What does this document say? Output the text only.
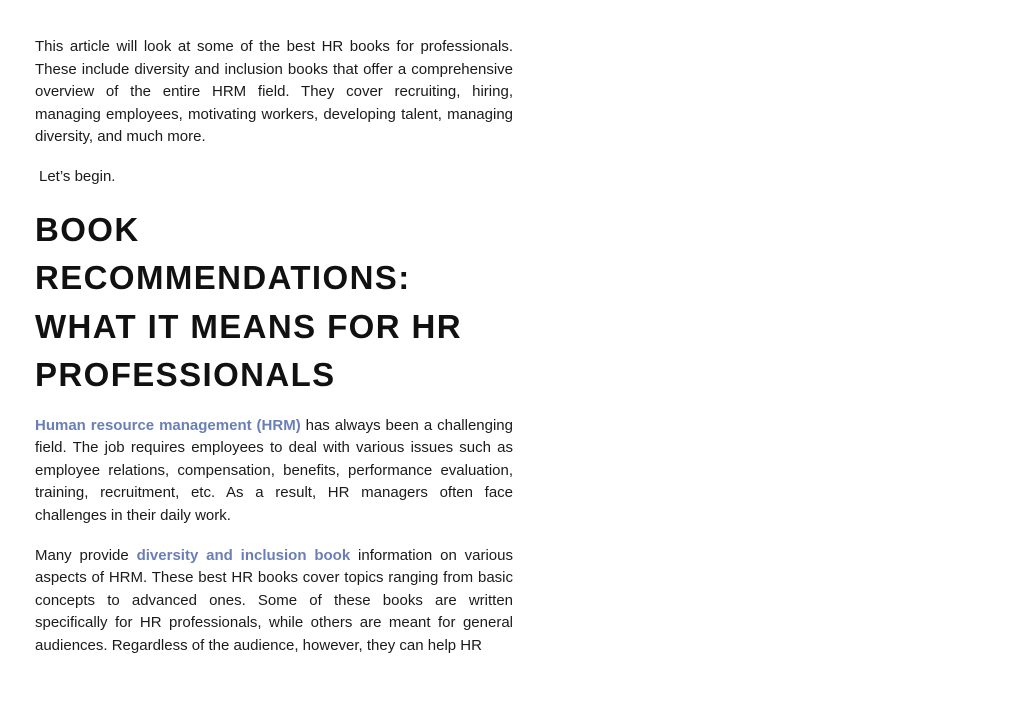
This article will look at some of the best HR books for professionals. These include diversity and inclusion books that offer a comprehensive overview of the entire HRM field. They cover recruiting, hiring, managing employees, motivating workers, developing talent, managing diversity, and much more.

Let’s begin.

BOOK RECOMMENDATIONS: WHAT IT MEANS FOR HR PROFESSIONALS

Human resource management (HRM) has always been a challenging field. The job requires employees to deal with various issues such as employee relations, compensation, benefits, performance evaluation, training, recruitment, etc. As a result, HR managers often face challenges in their daily work.

Many provide diversity and inclusion book information on various aspects of HRM. These best HR books cover topics ranging from basic concepts to advanced ones. Some of these books are written specifically for HR professionals, while others are meant for general audiences. Regardless of the audience, however, they can help HR
